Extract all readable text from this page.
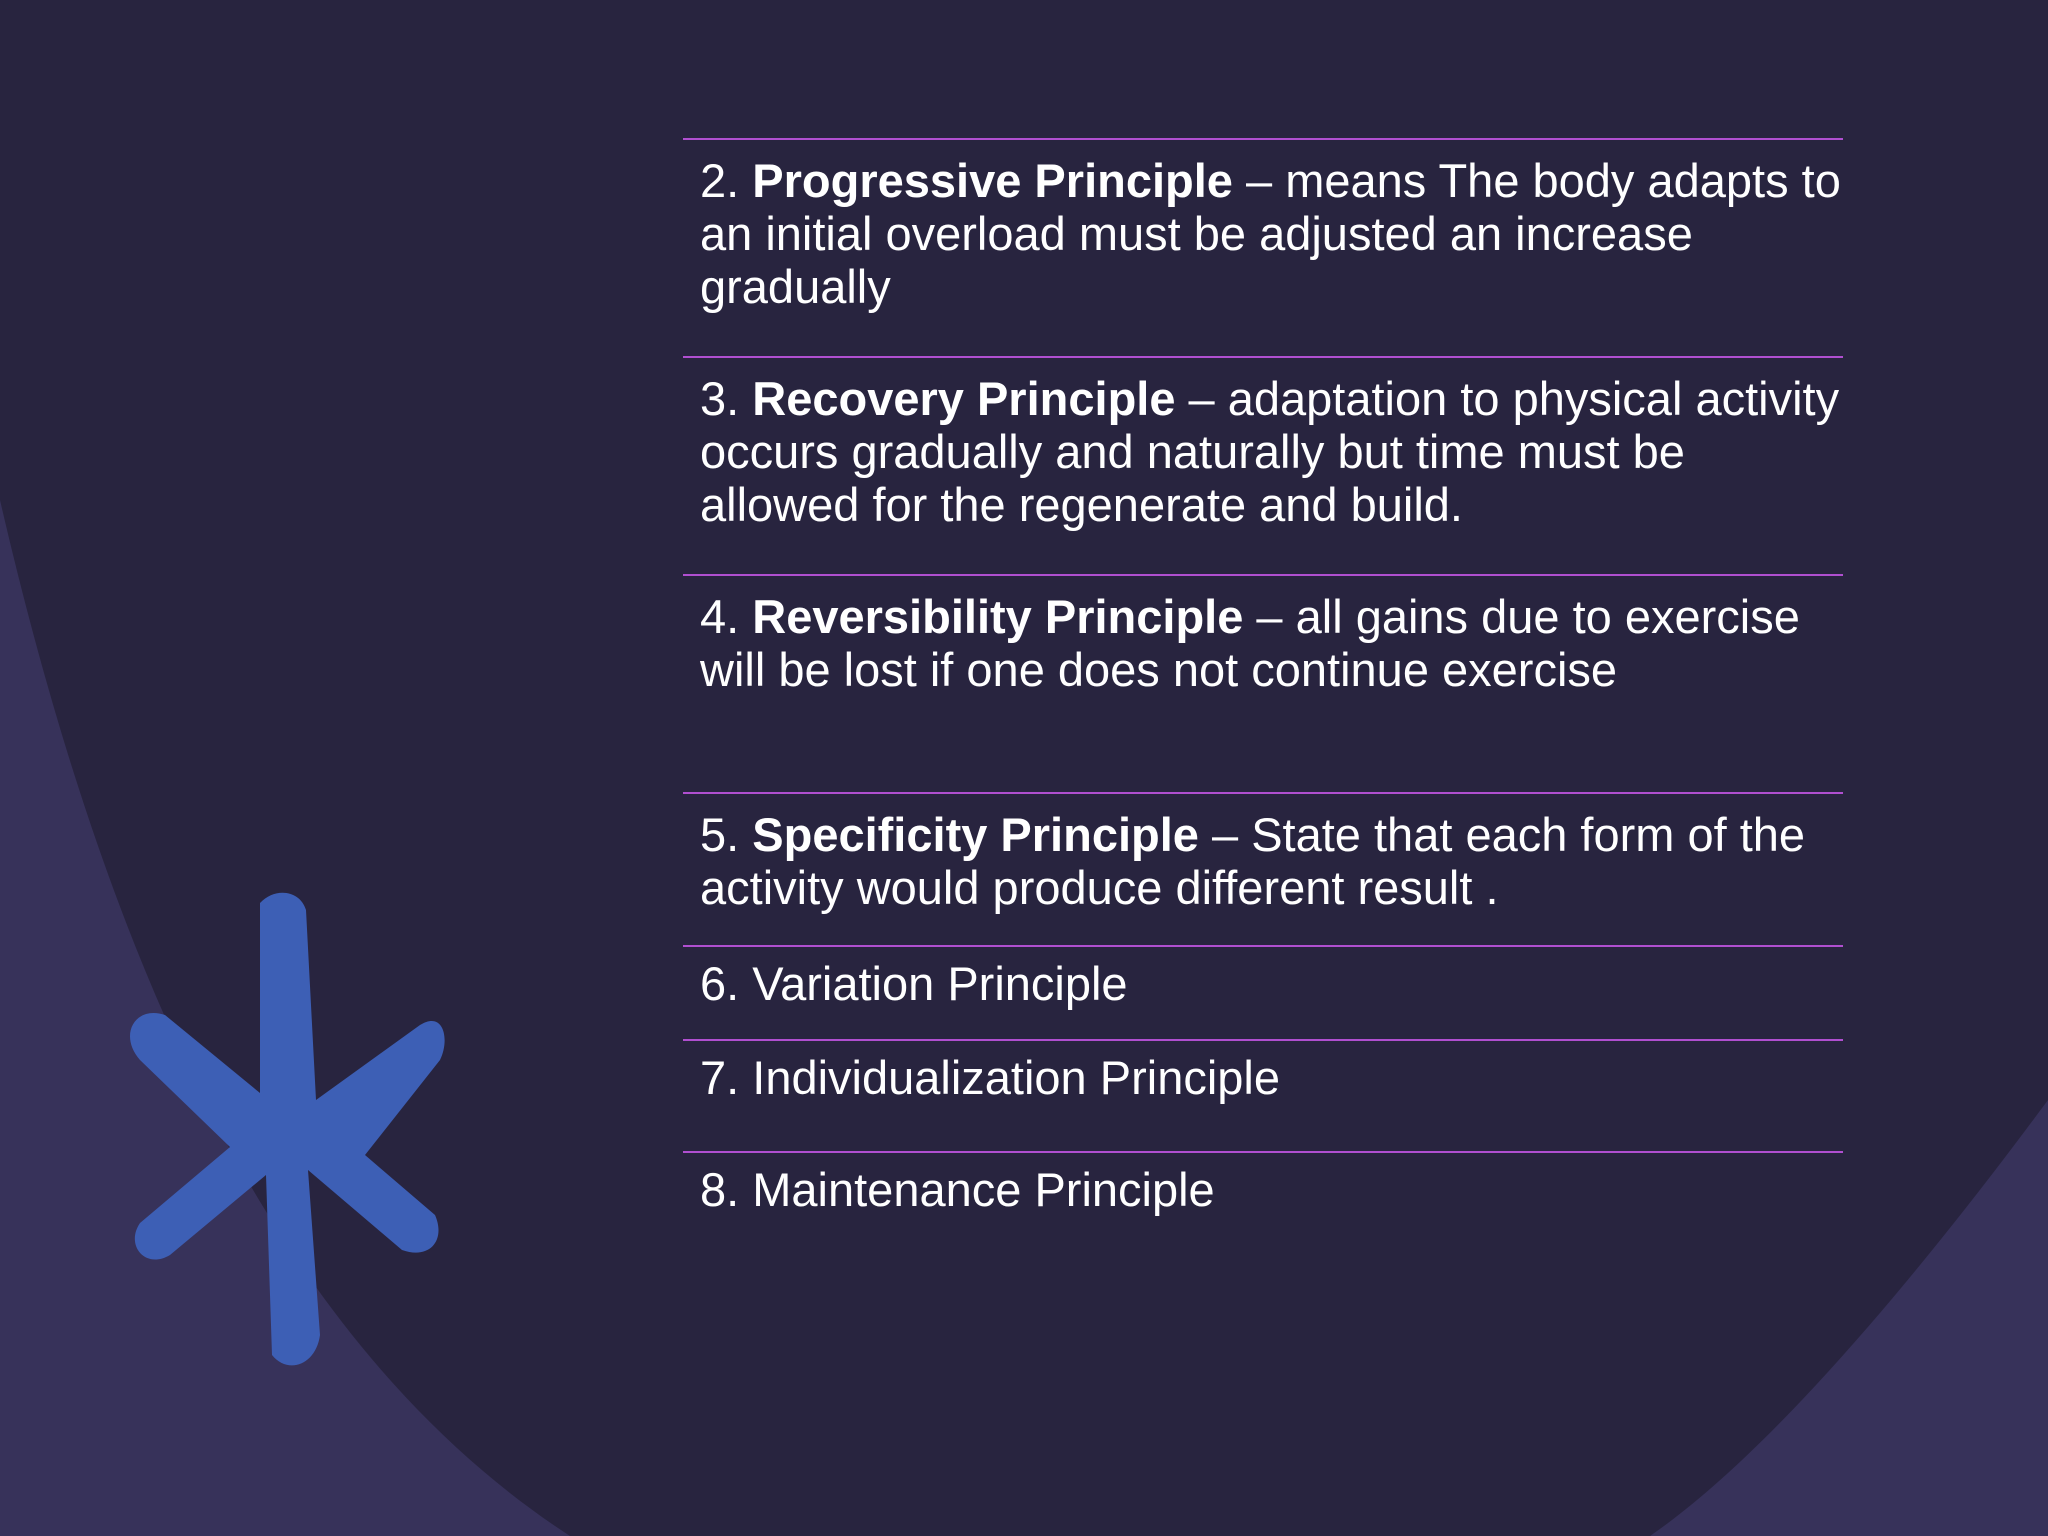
2. Progressive Principle – means The body adapts to an initial overload must be adjusted an increase gradually
3. Recovery Principle – adaptation to physical activity occurs gradually and naturally but time must be allowed for the regenerate and build.
4. Reversibility Principle – all gains due to exercise will be lost if one does not continue exercise
5. Specificity Principle – State that each form of the activity would produce different result .
6. Variation Principle
7. Individualization Principle
8. Maintenance Principle
